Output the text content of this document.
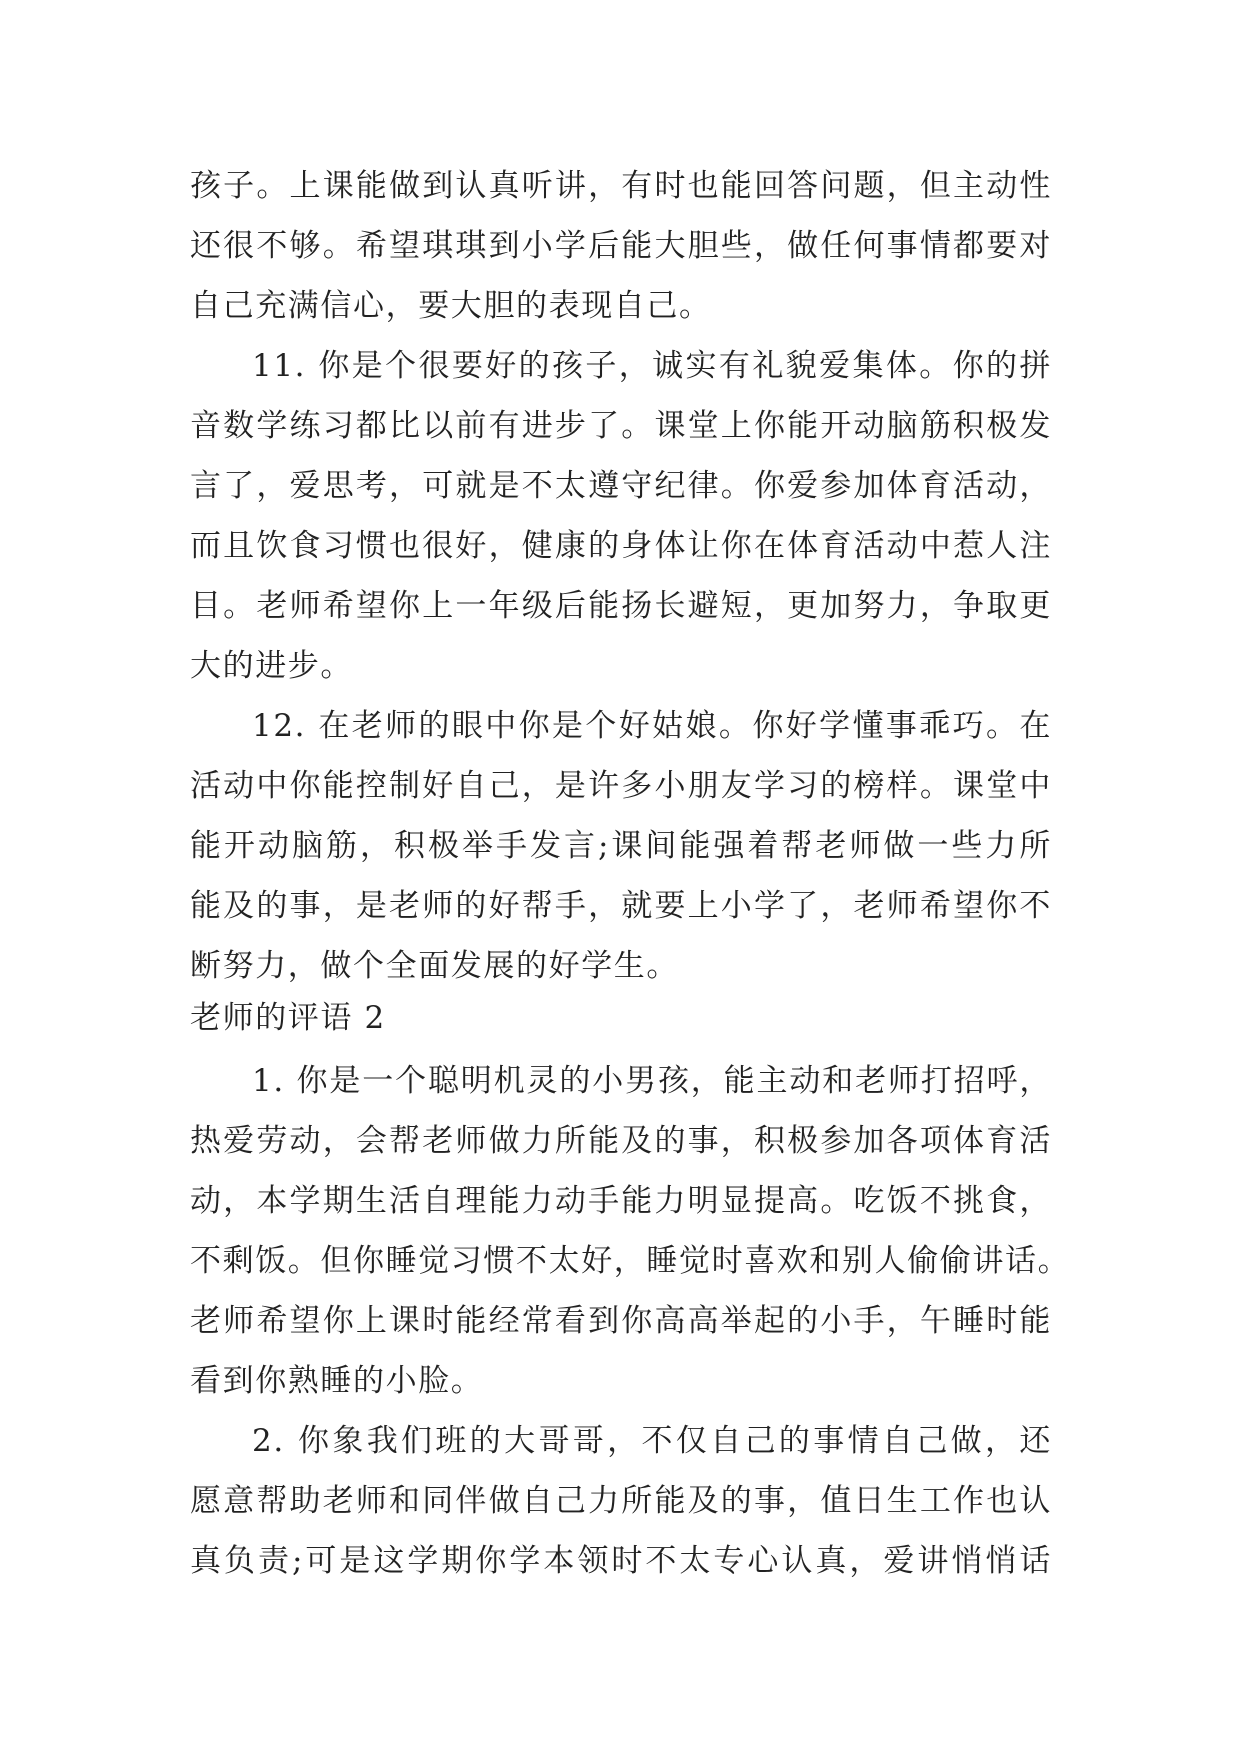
孩子。上课能做到认真听讲，有时也能回答问题，但主动性
还很不够。希望琪琪到小学后能大胆些，做任何事情都要对
自己充满信心，要大胆的表现自己。
11. 你是个很要好的孩子，诚实有礼貌爱集体。你的拼
音数学练习都比以前有进步了。课堂上你能开动脑筋积极发
言了，爱思考，可就是不太遵守纪律。你爱参加体育活动，
而且饮食习惯也很好，健康的身体让你在体育活动中惹人注
目。老师希望你上一年级后能扬长避短，更加努力，争取更
大的进步。
12. 在老师的眼中你是个好姑娘。你好学懂事乖巧。在
活动中你能控制好自己，是许多小朋友学习的榜样。课堂中
能开动脑筋，积极举手发言;课间能强着帮老师做一些力所
能及的事，是老师的好帮手，就要上小学了，老师希望你不
断努力，做个全面发展的好学生。
老师的评语 2
1. 你是一个聪明机灵的小男孩，能主动和老师打招呼，
热爱劳动，会帮老师做力所能及的事，积极参加各项体育活
动，本学期生活自理能力动手能力明显提高。吃饭不挑食，
不剩饭。但你睡觉习惯不太好，睡觉时喜欢和别人偷偷讲话。
老师希望你上课时能经常看到你高高举起的小手，午睡时能
看到你熟睡的小脸。
2. 你象我们班的大哥哥，不仅自己的事情自己做，还
愿意帮助老师和同伴做自己力所能及的事，值日生工作也认
真负责;可是这学期你学本领时不太专心认真，爱讲悄悄话
